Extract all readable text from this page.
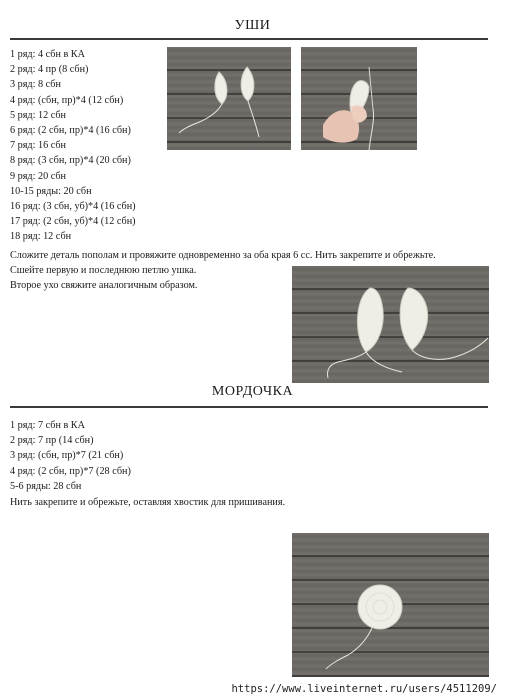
УШИ
1 ряд: 4 сбн в КА
2 ряд: 4 пр (8 сбн)
3 ряд: 8 сбн
4 ряд: (сбн, пр)*4 (12 сбн)
5 ряд: 12 сбн
6 ряд: (2 сбн, пр)*4 (16 сбн)
7 ряд: 16 сбн
8 ряд: (3 сбн, пр)*4 (20 сбн)
9 ряд: 20 сбн
10-15 ряды: 20 сбн
16 ряд: (3 сбн, уб)*4 (16 сбн)
17 ряд: (2 сбн, уб)*4 (12 сбн)
18 ряд: 12 сбн
Сложите деталь пополам и провяжите одновременно за оба края 6 сс. Нить закрепите и обрежьте.
Сшейте первую и последнюю петлю ушка.
Второе ухо свяжите аналогичным образом.
МОРДОЧКА
1 ряд: 7 сбн в КА
2 ряд: 7 пр (14 сбн)
3 ряд: (сбн, пр)*7 (21 сбн)
4 ряд: (2 сбн, пр)*7 (28 сбн)
5-6 ряды: 28 сбн
Нить закрепите и обрежьте, оставляя хвостик для пришивания.
https://www.liveinternet.ru/users/4511209/
